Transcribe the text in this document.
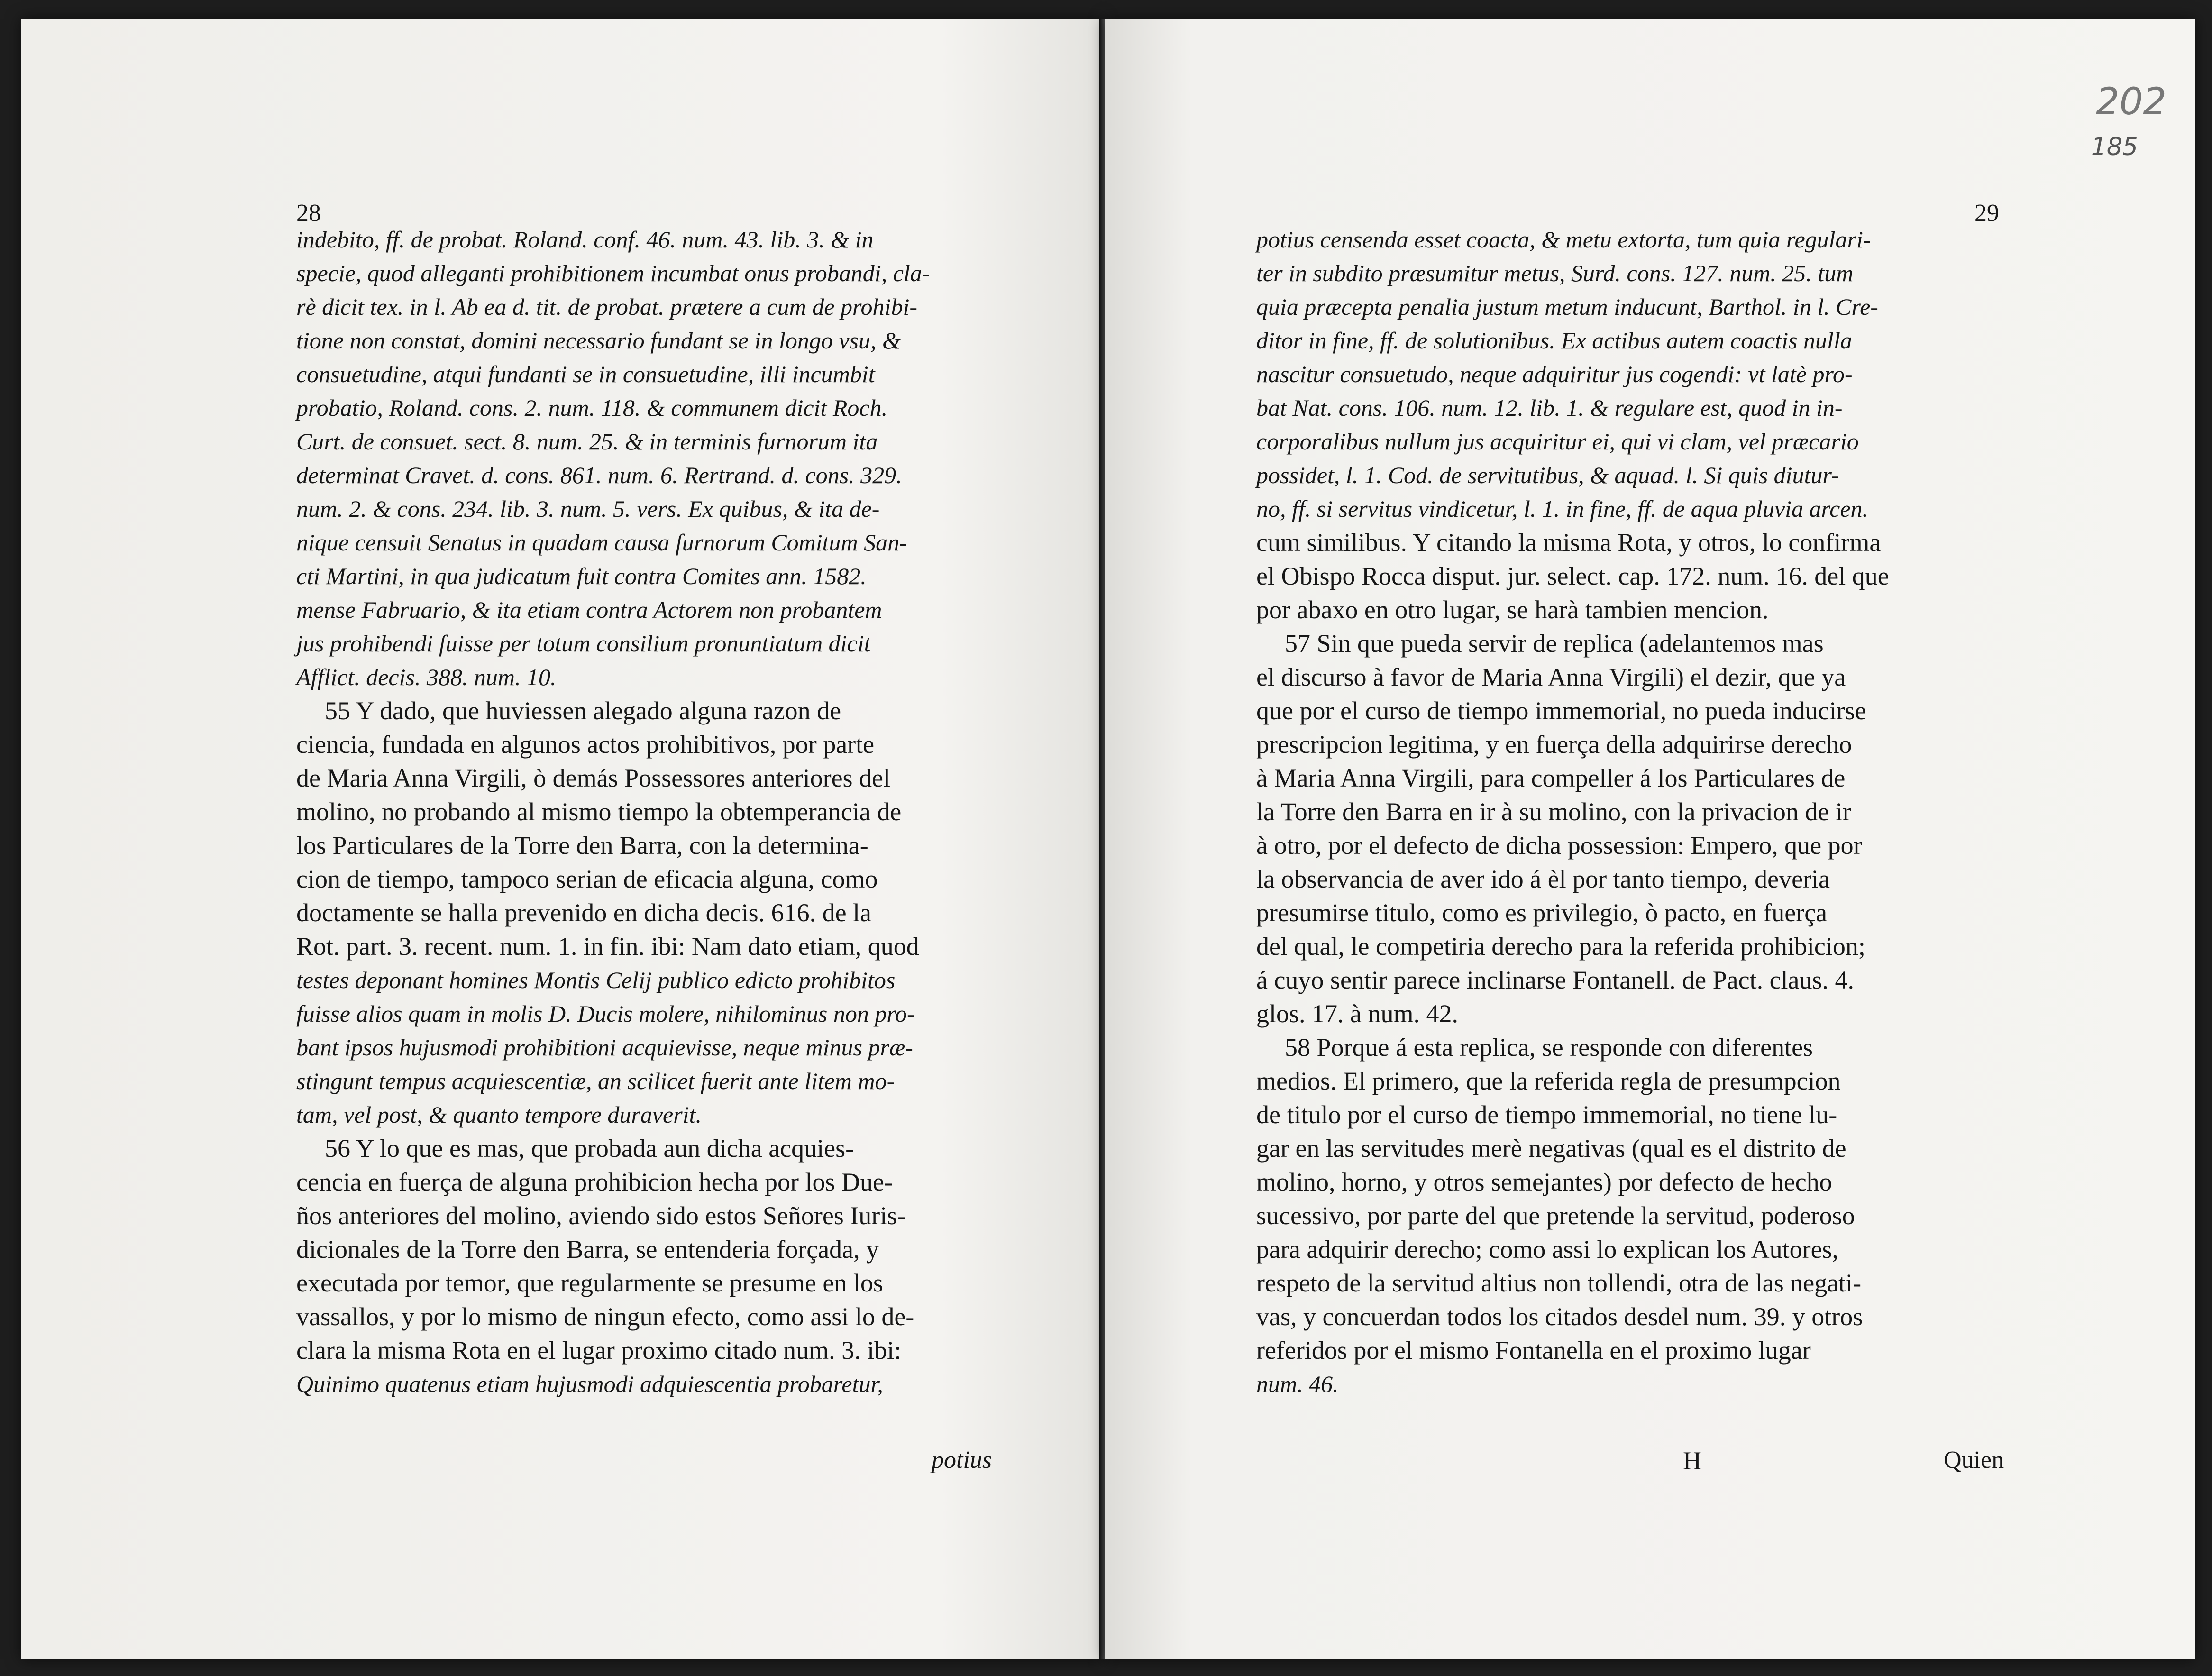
28

indebito, ff. de probat. Roland. conf. 46. num. 43. lib. 3. & in

specie, quod alleganti prohibitionem incumbat onus probandi, cla-

rè dicit tex. in l. Ab ea d. tit. de probat. prætere a cum de prohibi-

tione non constat, domini necessario fundant se in longo vsu, &

consuetudine, atqui fundanti se in consuetudine, illi incumbit

probatio, Roland. cons. 2. num. 118. & communem dicit Roch.

Curt. de consuet. sect. 8. num. 25. & in terminis furnorum ita

determinat Cravet. d. cons. 861. num. 6. Rertrand. d. cons. 329.

num. 2. & cons. 234. lib. 3. num. 5. vers. Ex quibus, & ita de-

nique censuit Senatus in quadam causa furnorum Comitum San-

cti Martini, in qua judicatum fuit contra Comites ann. 1582.

mense Fabruario, & ita etiam contra Actorem non probantem

jus prohibendi fuisse per totum consilium pronuntiatum dicit

Afflict. decis. 388. num. 10.

55 Y dado, que huviessen alegado alguna razon de

ciencia, fundada en algunos actos prohibitivos, por parte

de Maria Anna Virgili, ò demás Possessores anteriores del

molino, no probando al mismo tiempo la obtemperancia de

los Particulares de la Torre den Barra, con la determina-

cion de tiempo, tampoco serian de eficacia alguna, como

doctamente se halla prevenido en dicha decis. 616. de la

Rot. part. 3. recent. num. 1. in fin. ibi: Nam dato etiam, quod

testes deponant homines Montis Celij publico edicto prohibitos

fuisse alios quam in molis D. Ducis molere, nihilominus non pro-

bant ipsos hujusmodi prohibitioni acquievisse, neque minus præ-

stingunt tempus acquiescentiæ, an scilicet fuerit ante litem mo-

tam, vel post, & quanto tempore duraverit.

56 Y lo que es mas, que probada aun dicha acquies-

cencia en fuerça de alguna prohibicion hecha por los Due-

ños anteriores del molino, aviendo sido estos Señores Iuris-

dicionales de la Torre den Barra, se entenderia forçada, y

executada por temor, que regularmente se presume en los

vassallos, y por lo mismo de ningun efecto, como assi lo de-

clara la misma Rota en el lugar proximo citado num. 3. ibi:

Quinimo quatenus etiam hujusmodi adquiescentia probaretur,

potius
202
185
29

potius censenda esset coacta, & metu extorta, tum quia regulari-

ter in subdito præsumitur metus, Surd. cons. 127. num. 25. tum

quia præcepta penalia justum metum inducunt, Barthol. in l. Cre-

ditor in fine, ff. de solutionibus. Ex actibus autem coactis nulla

nascitur consuetudo, neque adquiritur jus cogendi: vt latè pro-

bat Nat. cons. 106. num. 12. lib. 1. & regulare est, quod in in-

corporalibus nullum jus acquiritur ei, qui vi clam, vel præcario

possidet, l. 1. Cod. de servitutibus, & aquad. l. Si quis diutur-

no, ff. si servitus vindicetur, l. 1. in fine, ff. de aqua pluvia arcen.

cum similibus. Y citando la misma Rota, y otros, lo confirma

el Obispo Rocca disput. jur. select. cap. 172. num. 16. del que

por abaxo en otro lugar, se harà tambien mencion.

57 Sin que pueda servir de replica (adelantemos mas

el discurso à favor de Maria Anna Virgili) el dezir, que ya

que por el curso de tiempo immemorial, no pueda inducirse

prescripcion legitima, y en fuerça della adquirirse derecho

à Maria Anna Virgili, para compeller á los Particulares de

la Torre den Barra en ir à su molino, con la privacion de ir

à otro, por el defecto de dicha possession: Empero, que por

la observancia de aver ido á èl por tanto tiempo, deveria

presumirse titulo, como es privilegio, ò pacto, en fuerça

del qual, le competiria derecho para la referida prohibicion;

á cuyo sentir parece inclinarse Fontanell. de Pact. claus. 4.

glos. 17. à num. 42.

58 Porque á esta replica, se responde con diferentes

medios. El primero, que la referida regla de presumpcion

de titulo por el curso de tiempo immemorial, no tiene lu-

gar en las servitudes merè negativas (qual es el distrito de

molino, horno, y otros semejantes) por defecto de hecho

sucessivo, por parte del que pretende la servitud, poderoso

para adquirir derecho; como assi lo explican los Autores,

respeto de la servitud altius non tollendi, otra de las negati-

vas, y concuerdan todos los citados desdel num. 39. y otros

referidos por el mismo Fontanella en el proximo lugar

num. 46.

H	Quien
